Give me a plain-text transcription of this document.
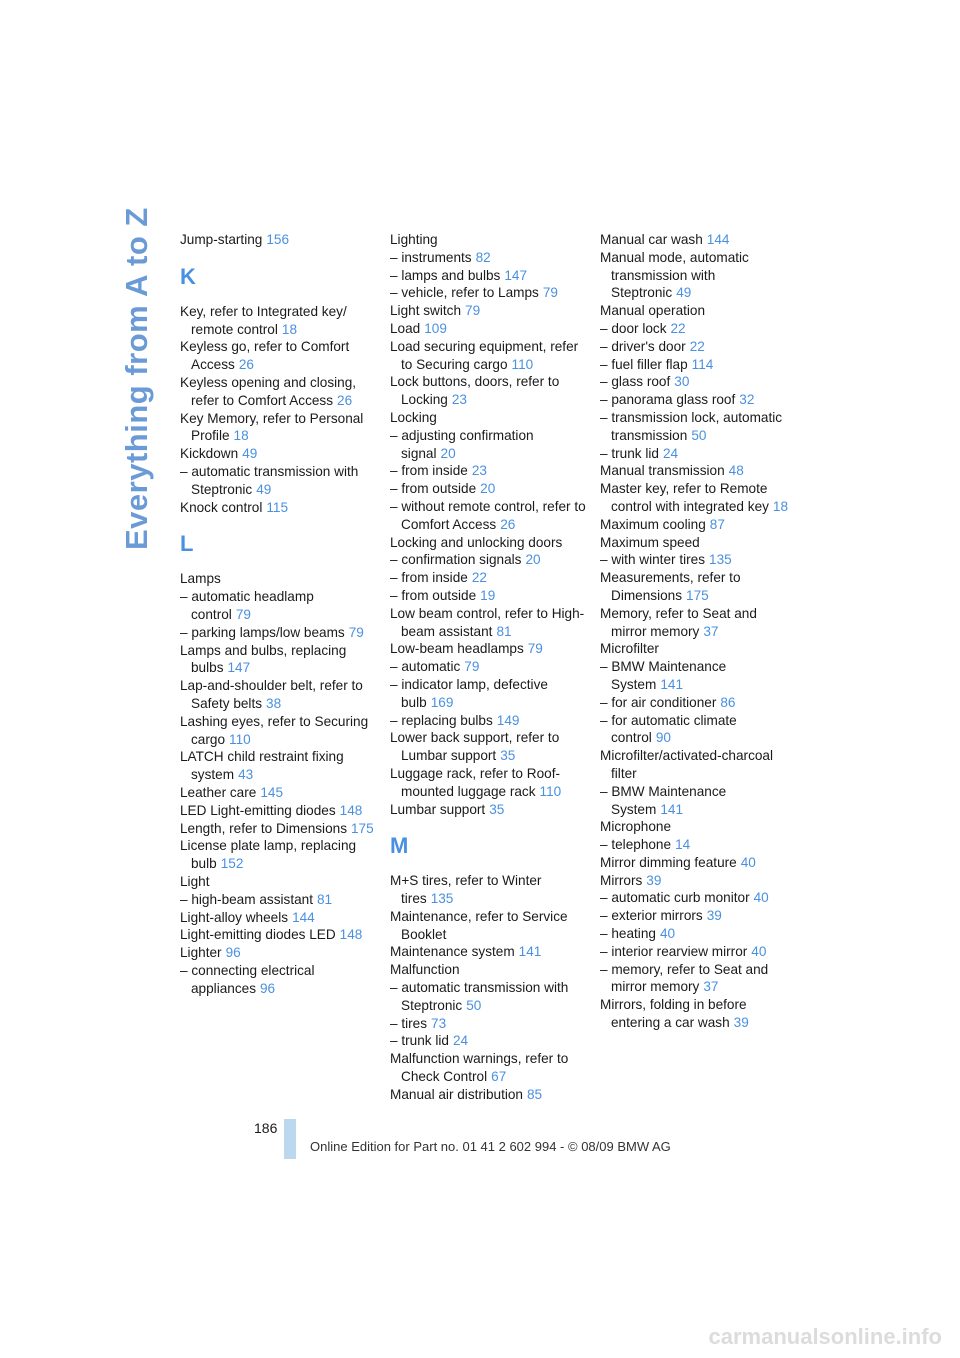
Everything from A to Z Jump-starting 156
K
Key, refer to Integrated key/ remote control 18
Keyless go, refer to Comfort Access 26
Keyless opening and closing, refer to Comfort Access 26
Key Memory, refer to Personal Profile 18
Kickdown 49
– automatic transmission with Steptronic 49
Knock control 115
L
Lamps
– automatic headlamp control 79
– parking lamps/low beams 79
Lamps and bulbs, replacing bulbs 147
Lap-and-shoulder belt, refer to Safety belts 38
Lashing eyes, refer to Securing cargo 110
LATCH child restraint fixing system 43
Leather care 145
LED Light-emitting diodes 148
Length, refer to Dimensions 175
License plate lamp, replacing bulb 152
Light
– high-beam assistant 81
Light-alloy wheels 144
Light-emitting diodes LED 148
Lighter 96
– connecting electrical appliances 96
Lighting
– instruments 82
– lamps and bulbs 147
– vehicle, refer to Lamps 79
Light switch 79
Load 109
Load securing equipment, refer to Securing cargo 110
Lock buttons, doors, refer to Locking 23
Locking
– adjusting confirmation signal 20
– from inside 23
– from outside 20
– without remote control, refer to Comfort Access 26
Locking and unlocking doors
– confirmation signals 20
– from inside 22
– from outside 19
Low beam control, refer to High-beam assistant 81
Low-beam headlamps 79
– automatic 79
– indicator lamp, defective bulb 169
– replacing bulbs 149
Lower back support, refer to Lumbar support 35
Luggage rack, refer to Roof-mounted luggage rack 110
Lumbar support 35
M
M+S tires, refer to Winter tires 135
Maintenance, refer to Service Booklet
Maintenance system 141
Malfunction
– automatic transmission with Steptronic 50
– tires 73
– trunk lid 24
Malfunction warnings, refer to Check Control 67
Manual air distribution 85
Manual car wash 144
Manual mode, automatic transmission with Steptronic 49
Manual operation
– door lock 22
– driver's door 22
– fuel filler flap 114
– glass roof 30
– panorama glass roof 32
– transmission lock, automatic transmission 50
– trunk lid 24
Manual transmission 48
Master key, refer to Remote control with integrated key 18
Maximum cooling 87
Maximum speed
– with winter tires 135
Measurements, refer to Dimensions 175
Memory, refer to Seat and mirror memory 37
Microfilter
– BMW Maintenance System 141
– for air conditioner 86
– for automatic climate control 90
Microfilter/activated-charcoal filter
– BMW Maintenance System 141
Microphone
– telephone 14
Mirror dimming feature 40
Mirrors 39
– automatic curb monitor 40
– exterior mirrors 39
– heating 40
– interior rearview mirror 40
– memory, refer to Seat and mirror memory 37
Mirrors, folding in before entering a car wash 39
186
Online Edition for Part no. 01 41 2 602 994 - © 08/09 BMW AG
carmanualsonline.info
